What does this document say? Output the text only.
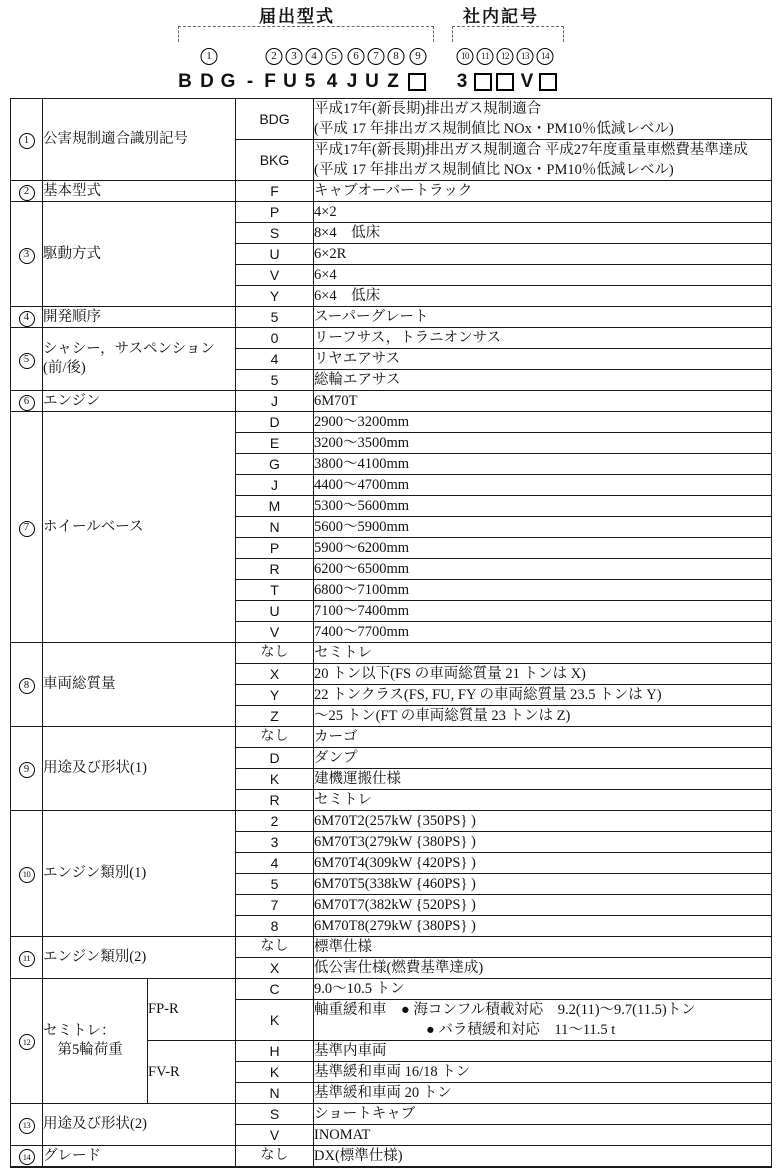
届出型式	社内記号
1	2	3	4	5	6	7	8	9	10	11	12	13	14
B D G - F U 5 4 J U Z	3	V
1	公害規制適合識別記号		BDG	平成17年(新長期)排出ガス規制適合
(平成 17 年排出ガス規制値比 NOx・PM10％低減レベル)

			BKG	平成17年(新長期)排出ガス規制適合 平成27年度重量車燃費基準達成
(平成 17 年排出ガス規制値比 NOx・PM10％低減レベル)

2	基本型式		F	キャブオーバートラック

3	駆動方式		P	4×2

			S	8×4　低床

			U	6×2R

			V	6×4

			Y	6×4　低床

4	開発順序		5	スーパーグレート

5	シャシー，サスペンション
(前/後)		0	リーフサス，トラニオンサス

			4	リヤエアサス

			5	総輪エアサス

6	エンジン		J	6M70T

7	ホイールベース		D	2900～3200mm

			E	3200～3500mm

			G	3800～4100mm

			J	4400～4700mm

			M	5300～5600mm

			N	5600～5900mm

			P	5900～6200mm

			R	6200～6500mm

			T	6800～7100mm

			U	7100～7400mm

			V	7400～7700mm

8	車両総質量		なし	セミトレ

			X	20 トン以下(FS の車両総質量 21 トンは X)

			Y	22 トンクラス(FS, FU, FY の車両総質量 23.5 トンは Y)

			Z	～25 トン(FT の車両総質量 23 トンは Z)

9	用途及び形状(1)		なし	カーゴ

			D	ダンプ

			K	建機運搬仕様

			R	セミトレ

10	エンジン類別(1)		2	6M70T2(257kW {350PS} )

			3	6M70T3(279kW {380PS} )

			4	6M70T4(309kW {420PS} )

			5	6M70T5(338kW {460PS} )

			7	6M70T7(382kW {520PS} )

			8	6M70T8(279kW {380PS} )

11	エンジン類別(2)		なし	標準仕様

			X	低公害仕様(燃費基準達成)

12	セミトレ：
　第5輪荷重	FP-R	C	9.0～10.5 トン

			K	軸重緩和車　● 海コンフル積載対応　9.2(11)～9.7(11.5)トン
● バラ積緩和対応　11～11.5 t

		FV-R	H	基準内車両

			K	基準緩和車両 16/18 トン

			N	基準緩和車両 20 トン

13	用途及び形状(2)		S	ショートキャブ

			V	INOMAT

14	グレード		なし	DX(標準仕様)
